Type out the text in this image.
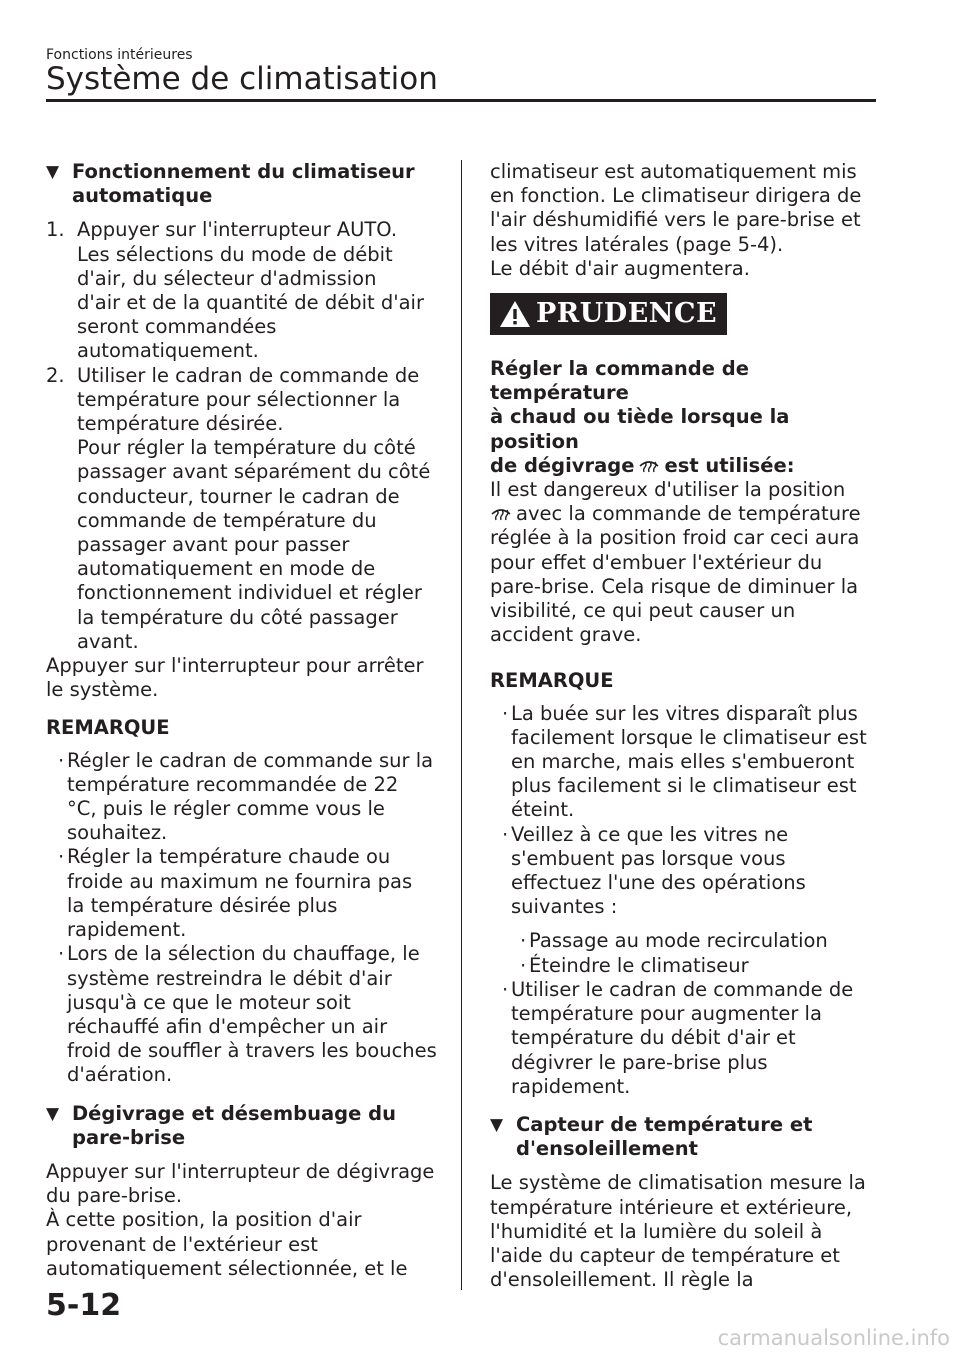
Fonctions intérieures
Système de climatisation
▼ Fonctionnement du climatiseur
automatique
1. Appuyer sur l'interrupteur AUTO.
Les sélections du mode de débit
d'air, du sélecteur d'admission
d'air et de la quantité de débit d'air
seront commandées
automatiquement.
2. Utiliser le cadran de commande de
température pour sélectionner la
température désirée.
Pour régler la température du côté
passager avant séparément du côté
conducteur, tourner le cadran de
commande de température du
passager avant pour passer
automatiquement en mode de
fonctionnement individuel et régler
la température du côté passager
avant.
Appuyer sur l'interrupteur pour arrêter
le système.
REMARQUE
· Régler le cadran de commande sur la
température recommandée de 22
°C, puis le régler comme vous le
souhaitez.
· Régler la température chaude ou
froide au maximum ne fournira pas
la température désirée plus
rapidement.
· Lors de la sélection du chauffage, le
système restreindra le débit d'air
jusqu'à ce que le moteur soit
réchauffé afin d'empêcher un air
froid de souffler à travers les bouches
d'aération.
▼ Dégivrage et désembuage du
pare-brise
Appuyer sur l'interrupteur de dégivrage
du pare-brise.
À cette position, la position d'air
provenant de l'extérieur est
automatiquement sélectionnée, et le
climatiseur est automatiquement mis
en fonction. Le climatiseur dirigera de
l'air déshumidifié vers le pare-brise et
les vitres latérales (page 5-4).
Le débit d'air augmentera.
PRUDENCE
Régler la commande de température
à chaud ou tiède lorsque la position
de dégivrage est utilisée:
Il est dangereux d'utiliser la position
avec la commande de température
réglée à la position froid car ceci aura
pour effet d'embuer l'extérieur du
pare-brise. Cela risque de diminuer la
visibilité, ce qui peut causer un
accident grave.
REMARQUE
· La buée sur les vitres disparaît plus
facilement lorsque le climatiseur est
en marche, mais elles s'embueront
plus facilement si le climatiseur est
éteint.
· Veillez à ce que les vitres ne
s'embuent pas lorsque vous
effectuez l'une des opérations
suivantes :
· Passage au mode recirculation
· Éteindre le climatiseur
· Utiliser le cadran de commande de
température pour augmenter la
température du débit d'air et
dégivrer le pare-brise plus
rapidement.
▼ Capteur de température et
d'ensoleillement
Le système de climatisation mesure la
température intérieure et extérieure,
l'humidité et la lumière du soleil à
l'aide du capteur de température et
d'ensoleillement. Il règle la
5-12
carmanualsonline.info
